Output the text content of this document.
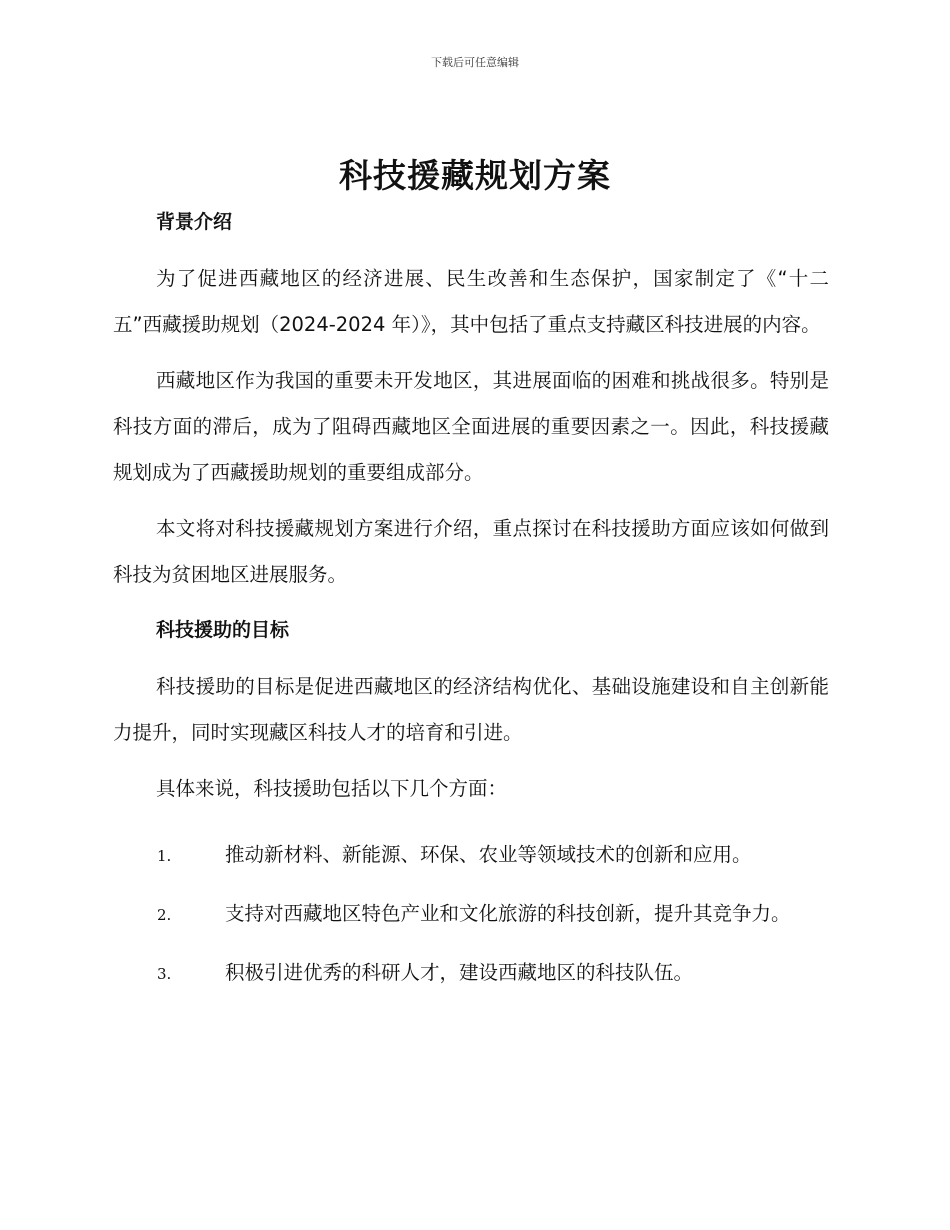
下载后可任意编辑
科技援藏规划方案

背景介绍

为了促进西藏地区的经济进展、民生改善和生态保护，国家制定了《“十二五”西藏援助规划（2024-2024 年）》，其中包括了重点支持藏区科技进展的内容。

西藏地区作为我国的重要未开发地区，其进展面临的困难和挑战很多。特别是科技方面的滞后，成为了阻碍西藏地区全面进展的重要因素之一。因此，科技援藏规划成为了西藏援助规划的重要组成部分。

本文将对科技援藏规划方案进行介绍，重点探讨在科技援助方面应该如何做到科技为贫困地区进展服务。

科技援助的目标

科技援助的目标是促进西藏地区的经济结构优化、基础设施建设和自主创新能力提升，同时实现藏区科技人才的培育和引进。

具体来说，科技援助包括以下几个方面：

1.	推动新材料、新能源、环保、农业等领域技术的创新和应用。
2.	支持对西藏地区特色产业和文化旅游的科技创新，提升其竞争力。
3.	积极引进优秀的科研人才，建设西藏地区的科技队伍。
